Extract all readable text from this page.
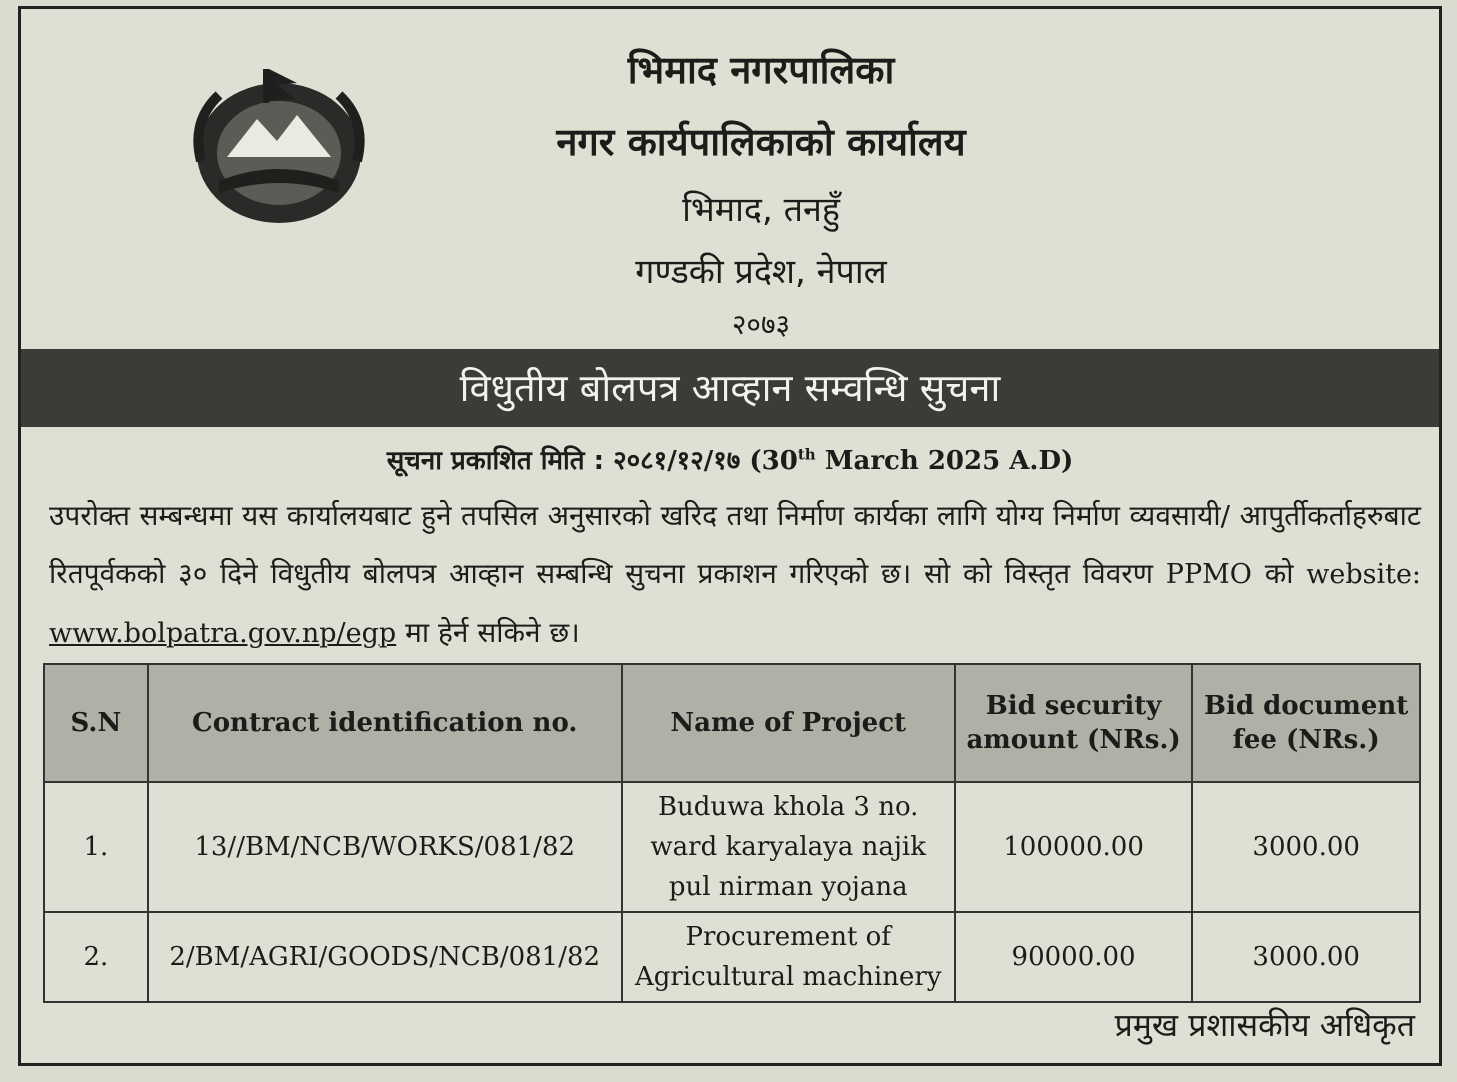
भिमाद नगरपालिका
नगर कार्यपालिकाको कार्यालय
भिमाद, तनहुँ
गण्डकी प्रदेश, नेपाल
२०७३
विधुतीय बोलपत्र आव्हान सम्वन्धि सुचना
सूचना प्रकाशित मिति : २०८१/१२/१७ (30th March 2025 A.D)
उपरोक्त सम्बन्धमा यस कार्यालयबाट हुने तपसिल अनुसारको खरिद तथा निर्माण कार्यका लागि योग्य निर्माण व्यवसायी/ आपुर्तीकर्ताहरुबाट रितपूर्वकको ३० दिने विधुतीय बोलपत्र आव्हान सम्बन्धि सुचना प्रकाशन गरिएको छ। सो को विस्तृत विवरण PPMO को website: www.bolpatra.gov.np/egp मा हेर्न सकिने छ।
S.N	Contract identification no.	Name of Project	Bid security amount (NRs.)	Bid document fee (NRs.)
1.	13//BM/NCB/WORKS/081/82	Buduwa khola 3 no. ward karyalaya najik pul nirman yojana	100000.00	3000.00
2.	2/BM/AGRI/GOODS/NCB/081/82	Procurement of Agricultural machinery	90000.00	3000.00
प्रमुख प्रशासकीय अधिकृत
